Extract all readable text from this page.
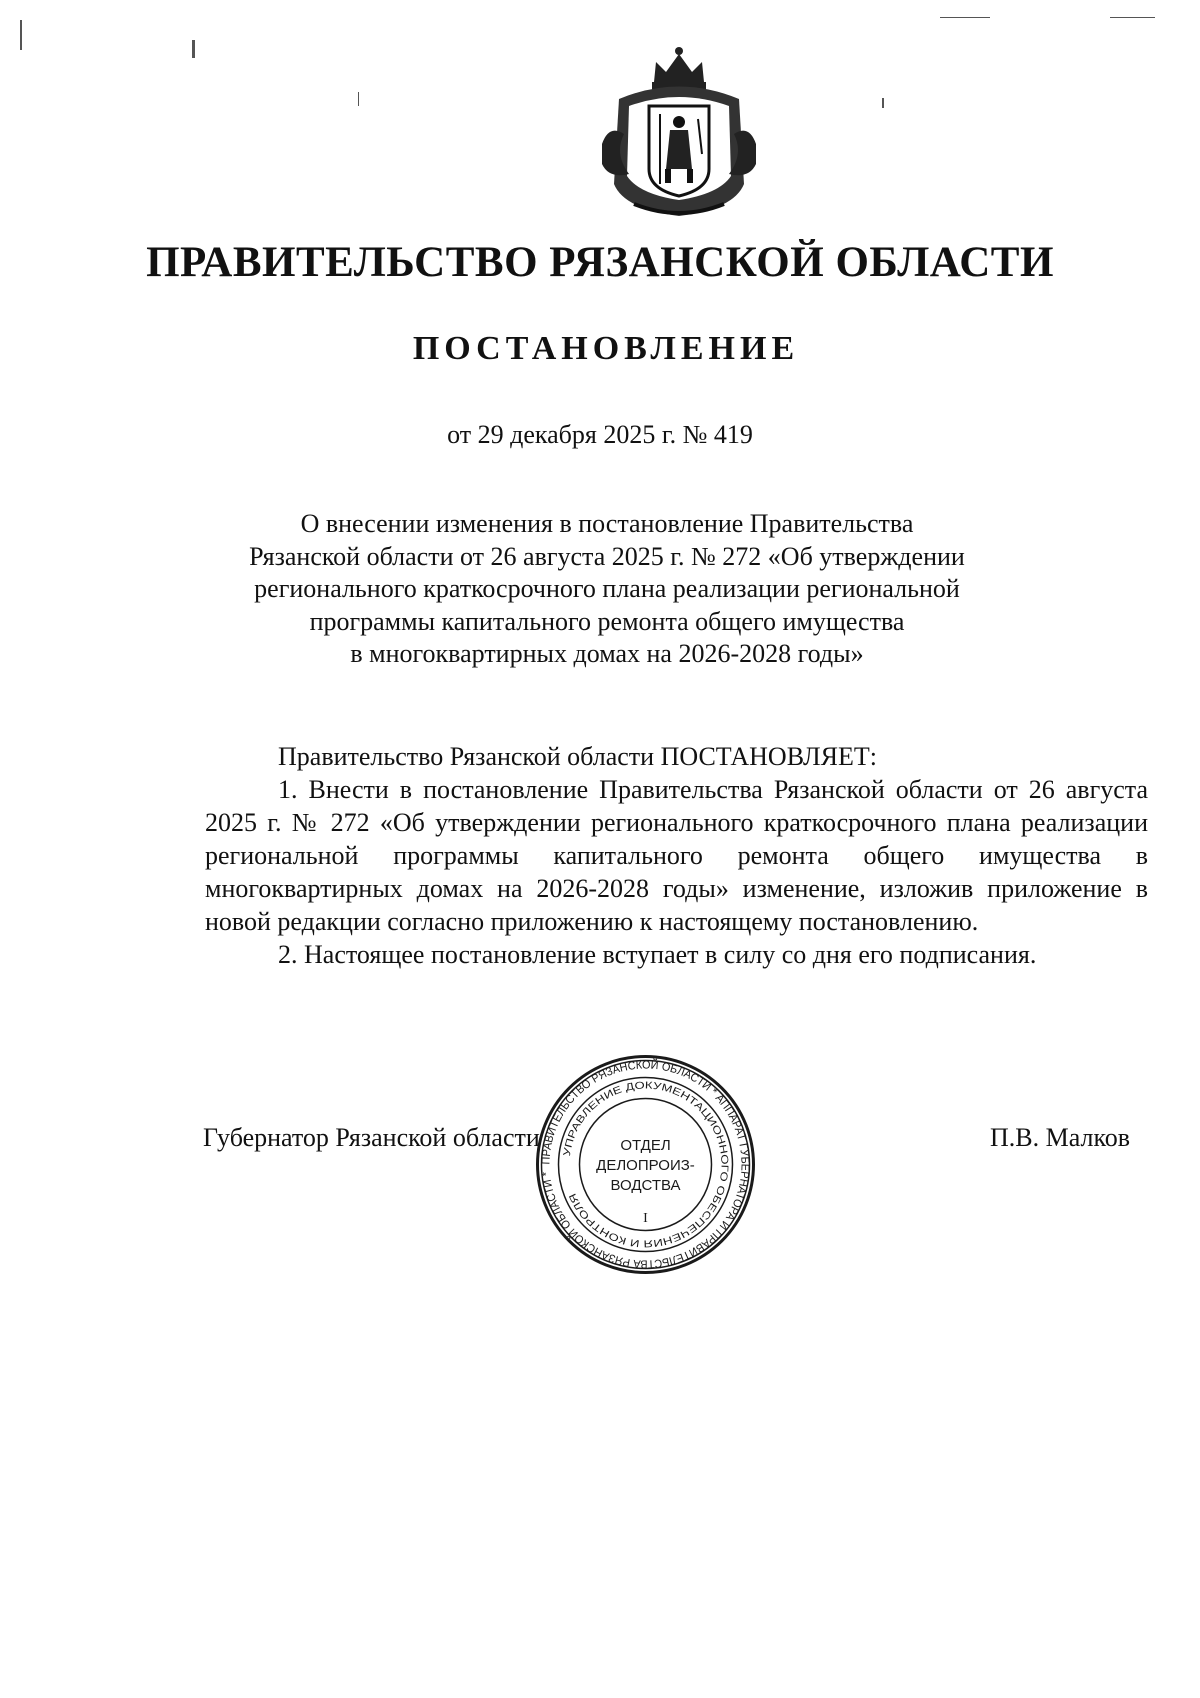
ПРАВИТЕЛЬСТВО РЯЗАНСКОЙ ОБЛАСТИ
ПОСТАНОВЛЕНИЕ
от 29 декабря 2025 г. № 419
О внесении изменения в постановление Правительства
Рязанской области от 26 августа 2025 г. № 272 «Об утверждении
регионального краткосрочного плана реализации региональной
программы капитального ремонта общего имущества
в многоквартирных домах на 2026-2028 годы»
Правительство Рязанской области ПОСТАНОВЛЯЕТ:

1. Внести в постановление Правительства Рязанской области от 26 августа 2025 г. № 272 «Об утверждении регионального краткосрочного плана реализации региональной программы капитального ремонта общего имущества в многоквартирных домах на 2026-2028 годы» изменение, изложив приложение в новой редакции согласно приложению к настоящему постановлению.

2. Настоящее постановление вступает в силу со дня его подписания.
Губернатор Рязанской области	П.В. Малков
ПРАВИТЕЛЬСТВО РЯЗАНСКОЙ ОБЛАСТИ * АППАРАТ ГУБЕРНАТОРА И ПРАВИТЕЛЬСТВА РЯЗАНСКОЙ ОБЛАСТИ *
УПРАВЛЕНИЕ ДОКУМЕНТАЦИОННОГО ОБЕСПЕЧЕНИЯ И КОНТРОЛЯ
ОТДЕЛ
ДЕЛОПРОИЗ-
ВОДСТВА
I
